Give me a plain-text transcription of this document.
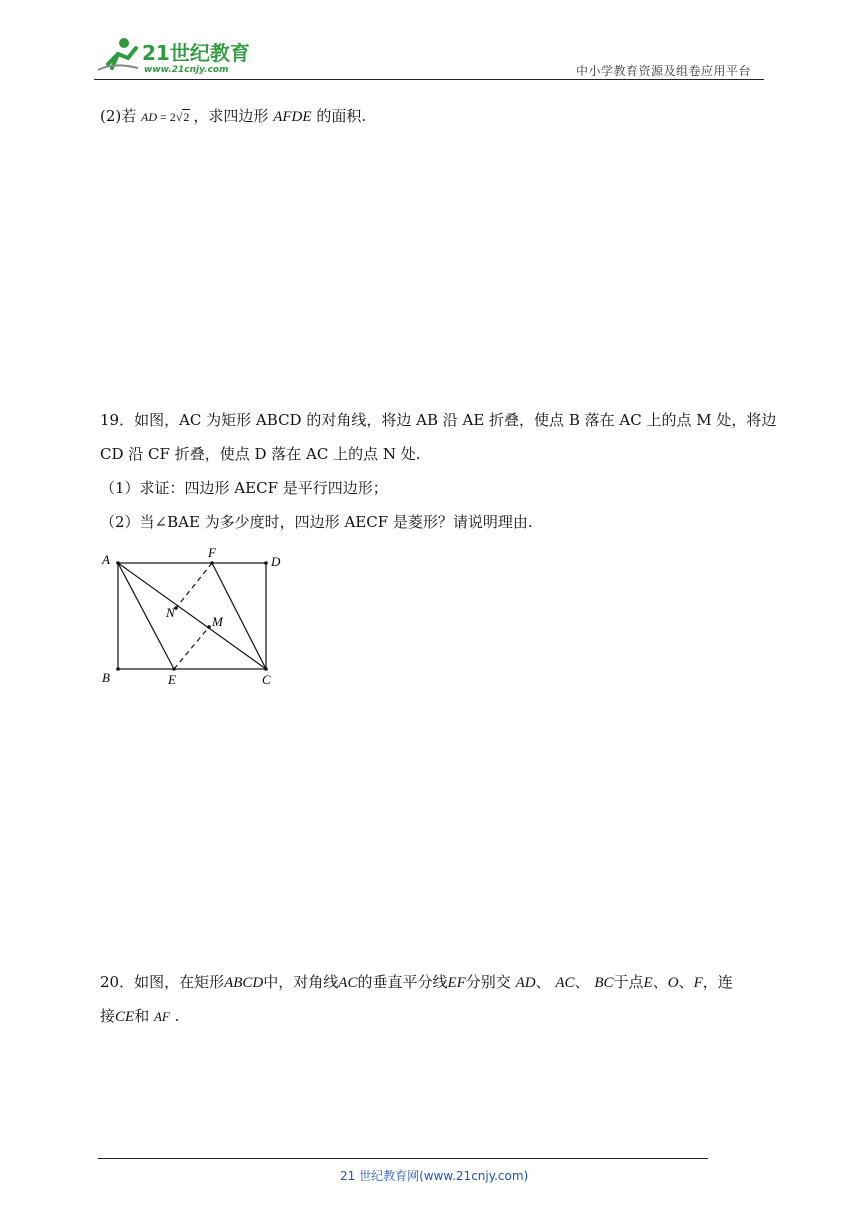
21世纪教育
www.21cnjy.com	中小学教育资源及组卷应用平台
(2)若 AD = 2√2 ，求四边形 AFDE 的面积.
19．如图，AC 为矩形 ABCD 的对角线，将边 AB 沿 AE 折叠，使点 B 落在 AC 上的点 M 处，将边
CD 沿 CF 折叠，使点 D 落在 AC 上的点 N 处.
（1）求证：四边形 AECF 是平行四边形；
（2）当∠BAE 为多少度时，四边形 AECF 是菱形？请说明理由.
A	F
D
N
M
B	E	C
20．如图，在矩形ABCD中，对角线AC的垂直平分线EF分别交 AD、 AC、 BC于点E、O、F，连
接CE和 AF .
21 世纪教育网(www.21cnjy.com)
